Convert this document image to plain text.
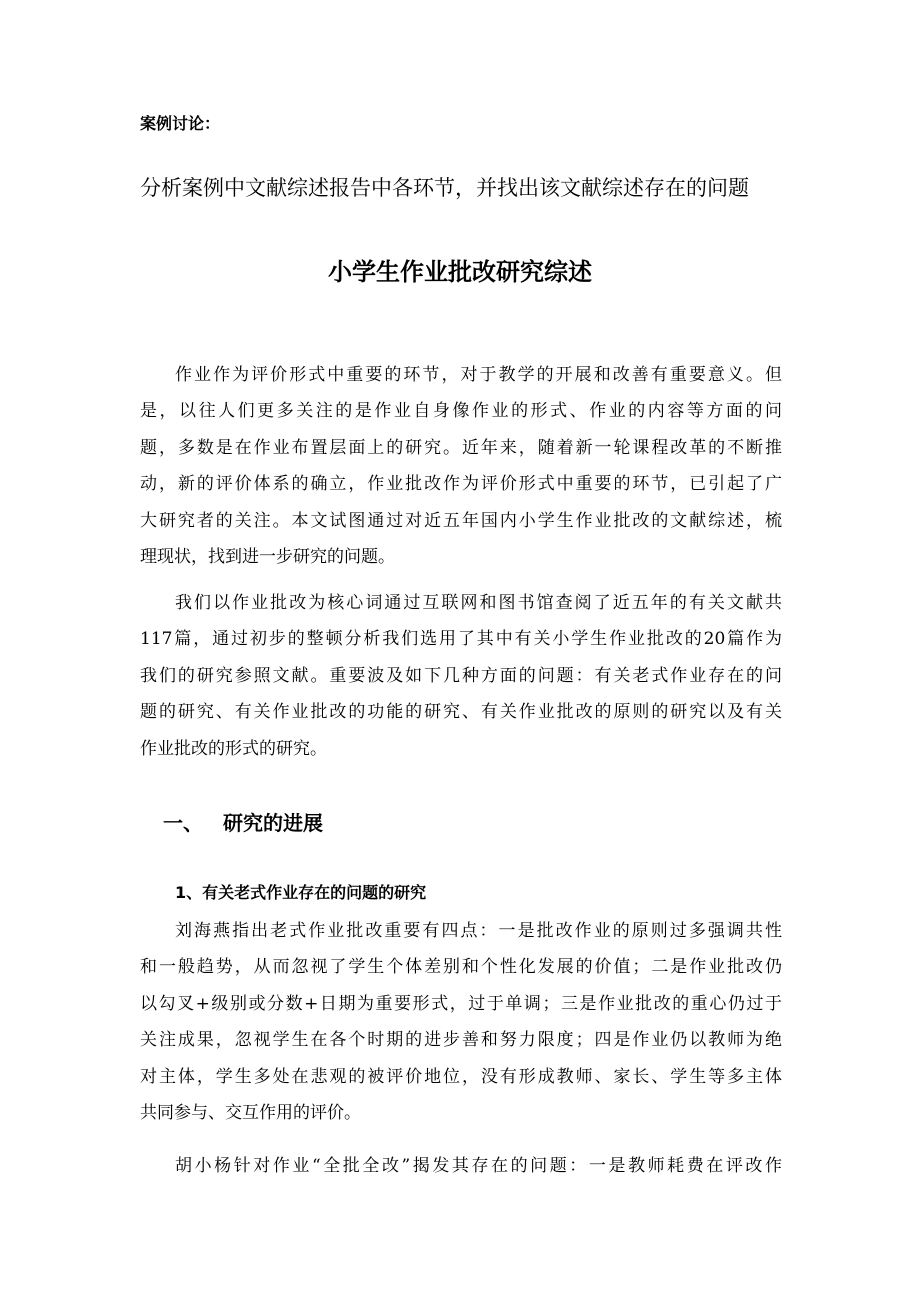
案例讨论：
分析案例中文献综述报告中各环节，并找出该文献综述存在的问题
小学生作业批改研究综述
作业作为评价形式中重要的环节，对于教学的开展和改善有重要意义。但
是，以往人们更多关注的是作业自身像作业的形式、作业的内容等方面的问
题，多数是在作业布置层面上的研究。近年来，随着新一轮课程改革的不断推
动，新的评价体系的确立，作业批改作为评价形式中重要的环节，已引起了广
大研究者的关注。本文试图通过对近五年国内小学生作业批改的文献综述，梳
理现状，找到进一步研究的问题。
我们以作业批改为核心词通过互联网和图书馆查阅了近五年的有关文献共
117篇，通过初步的整顿分析我们选用了其中有关小学生作业批改的20篇作为
我们的研究参照文献。重要波及如下几种方面的问题：有关老式作业存在的问
题的研究、有关作业批改的功能的研究、有关作业批改的原则的研究以及有关
作业批改的形式的研究。
一、 研究的进展
1、有关老式作业存在的问题的研究
刘海燕指出老式作业批改重要有四点：一是批改作业的原则过多强调共性
和一般趋势，从而忽视了学生个体差别和个性化发展的价值；二是作业批改仍
以勾叉+级别或分数+日期为重要形式，过于单调；三是作业批改的重心仍过于
关注成果，忽视学生在各个时期的进步善和努力限度；四是作业仍以教师为绝
对主体，学生多处在悲观的被评价地位，没有形成教师、家长、学生等多主体
共同参与、交互作用的评价。
胡小杨针对作业“全批全改”揭发其存在的问题：一是教师耗费在评改作
